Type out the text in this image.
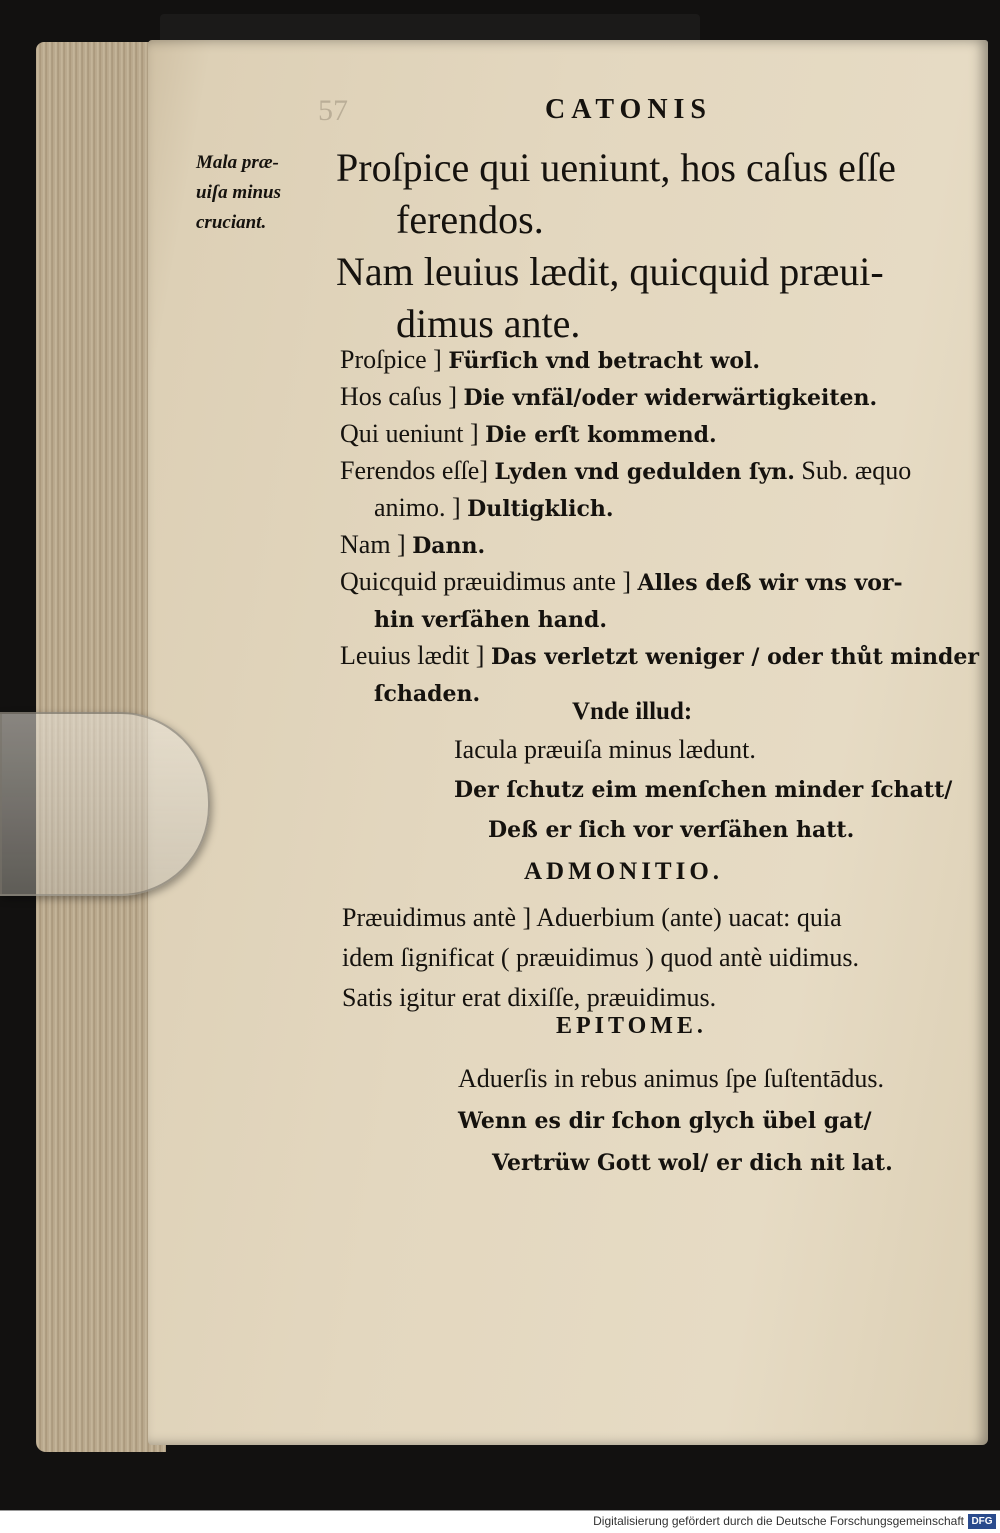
57	CATONIS
Mala præ-
uiſa minus
cruciant.
Proſpice qui ueniunt, hos caſus eſſe
ferendos.
Nam leuius lædit, quicquid præui-
dimus ante.
Proſpice ] Fürſich vnd betracht wol.
Hos caſus ] Die vnfäl/oder widerwärtigkeiten.
Qui ueniunt ] Die erſt kommend.
Ferendos eſſe] Lyden vnd gedulden ſyn. Sub. æquo
animo. ] Dultigklich.
Nam ] Dann.
Quicquid præuidimus ante ] Alles deß wir vns vor-
hin verſähen hand.
Leuius lædit ] Das verletzt weniger / oder thůt minder
ſchaden.
Vnde illud:
Iacula præuiſa minus lædunt.
Der ſchutz eim menſchen minder ſchatt/
Deß er ſich vor verſähen hatt.
ADMONITIO.
Præuidimus antè ] Aduerbium (ante) uacat: quia
idem ſignificat ( præuidimus ) quod antè uidimus.
Satis igitur erat dixiſſe, præuidimus.
EPITOME.
Aduerſis in rebus animus ſpe ſuſtentādus.
Wenn es dir ſchon glych übel gat/
Vertrüw Gott wol/ er dich nit lat.
Digitalisierung gefördert durch die Deutsche Forschungsgemeinschaft DFG
